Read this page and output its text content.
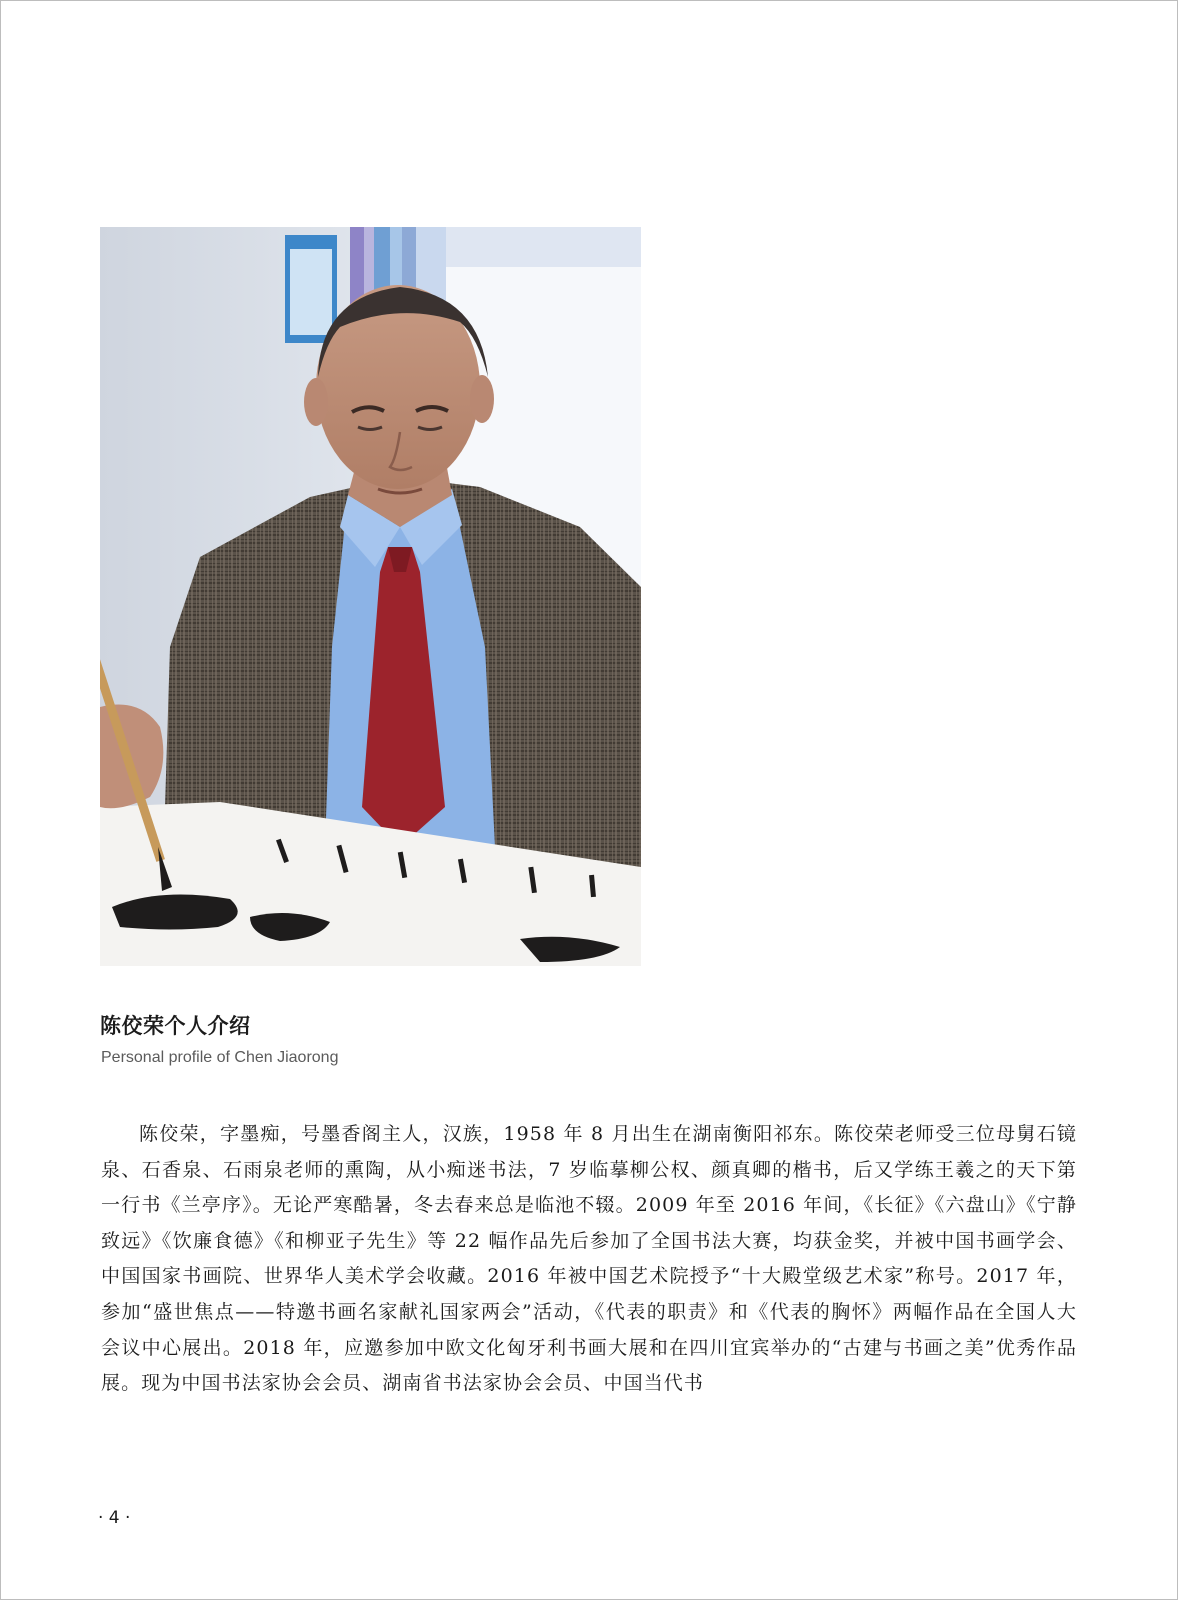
陈佼荣个人介绍

Personal profile of Chen Jiaorong

陈佼荣，字墨痴，号墨香阁主人，汉族，1958 年 8 月出生在湖南衡阳祁东。陈佼荣老师受三位母舅石镜泉、石香泉、石雨泉老师的熏陶，从小痴迷书法，7 岁临摹柳公权、颜真卿的楷书，后又学练王羲之的天下第一行书《兰亭序》。无论严寒酷暑，冬去春来总是临池不辍。2009 年至 2016 年间，《长征》《六盘山》《宁静致远》《饮廉食德》《和柳亚子先生》等 22 幅作品先后参加了全国书法大赛，均获金奖，并被中国书画学会、中国国家书画院、世界华人美术学会收藏。2016 年被中国艺术院授予“十大殿堂级艺术家”称号。2017 年，参加“盛世焦点——特邀书画名家献礼国家两会”活动，《代表的职责》和《代表的胸怀》两幅作品在全国人大会议中心展出。2018 年，应邀参加中欧文化匈牙利书画大展和在四川宜宾举办的“古建与书画之美”优秀作品展。现为中国书法家协会会员、湖南省书法家协会会员、中国当代书

· 4 ·
